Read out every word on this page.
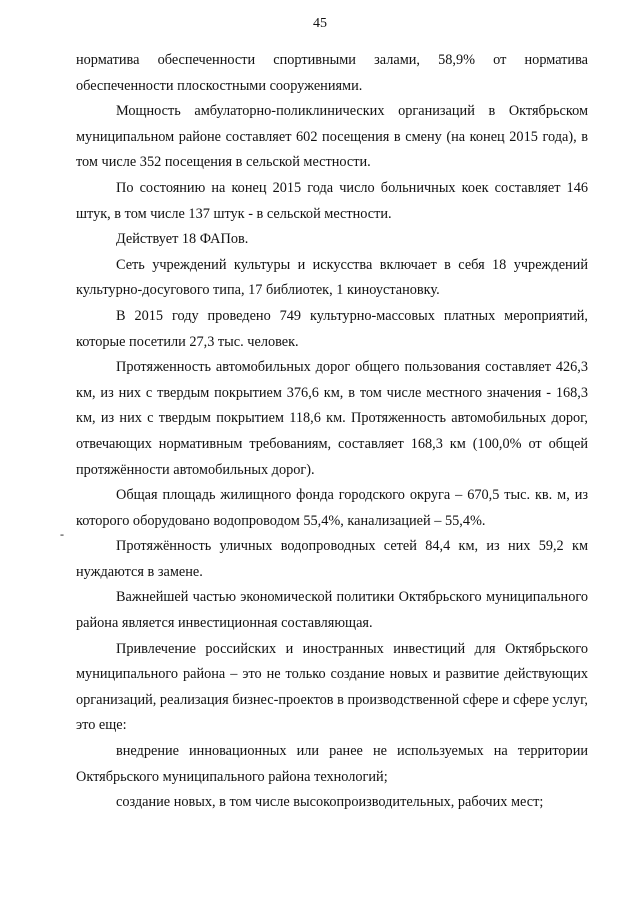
45
-

норматива обеспеченности спортивными залами, 58,9% от норматива обеспеченности плоскостными сооружениями.

Мощность амбулаторно-поликлинических организаций в Октябрьском муниципальном районе составляет 602 посещения в смену (на конец 2015 года), в том числе 352 посещения в сельской местности.

По состоянию на конец 2015 года число больничных коек составляет 146 штук, в том числе 137 штук - в сельской местности.

Действует 18 ФАПов.

Сеть учреждений культуры и искусства включает в себя 18 учреждений культурно-досугового типа, 17 библиотек, 1 киноустановку.

В 2015 году проведено 749 культурно-массовых платных мероприятий, которые посетили 27,3 тыс. человек.

Протяженность автомобильных дорог общего пользования составляет 426,3 км, из них с твердым покрытием 376,6 км, в том числе местного значения - 168,3 км, из них с твердым покрытием 118,6 км. Протяженность автомобильных дорог, отвечающих нормативным требованиям, составляет 168,3 км (100,0% от общей протяжённости автомобильных дорог).

Общая площадь жилищного фонда городского округа – 670,5 тыс. кв. м, из которого оборудовано водопроводом 55,4%, канализацией – 55,4%.

Протяжённость уличных водопроводных сетей 84,4 км, из них 59,2 км нуждаются в замене.

Важнейшей частью экономической политики Октябрьского муниципального района является инвестиционная составляющая.

Привлечение российских и иностранных инвестиций для Октябрьского муниципального района – это не только создание новых и развитие действующих организаций, реализация бизнес-проектов в производственной сфере и сфере услуг, это еще:

внедрение инновационных или ранее не используемых на территории Октябрьского муниципального района технологий;

создание новых, в том числе высокопроизводительных, рабочих мест;
